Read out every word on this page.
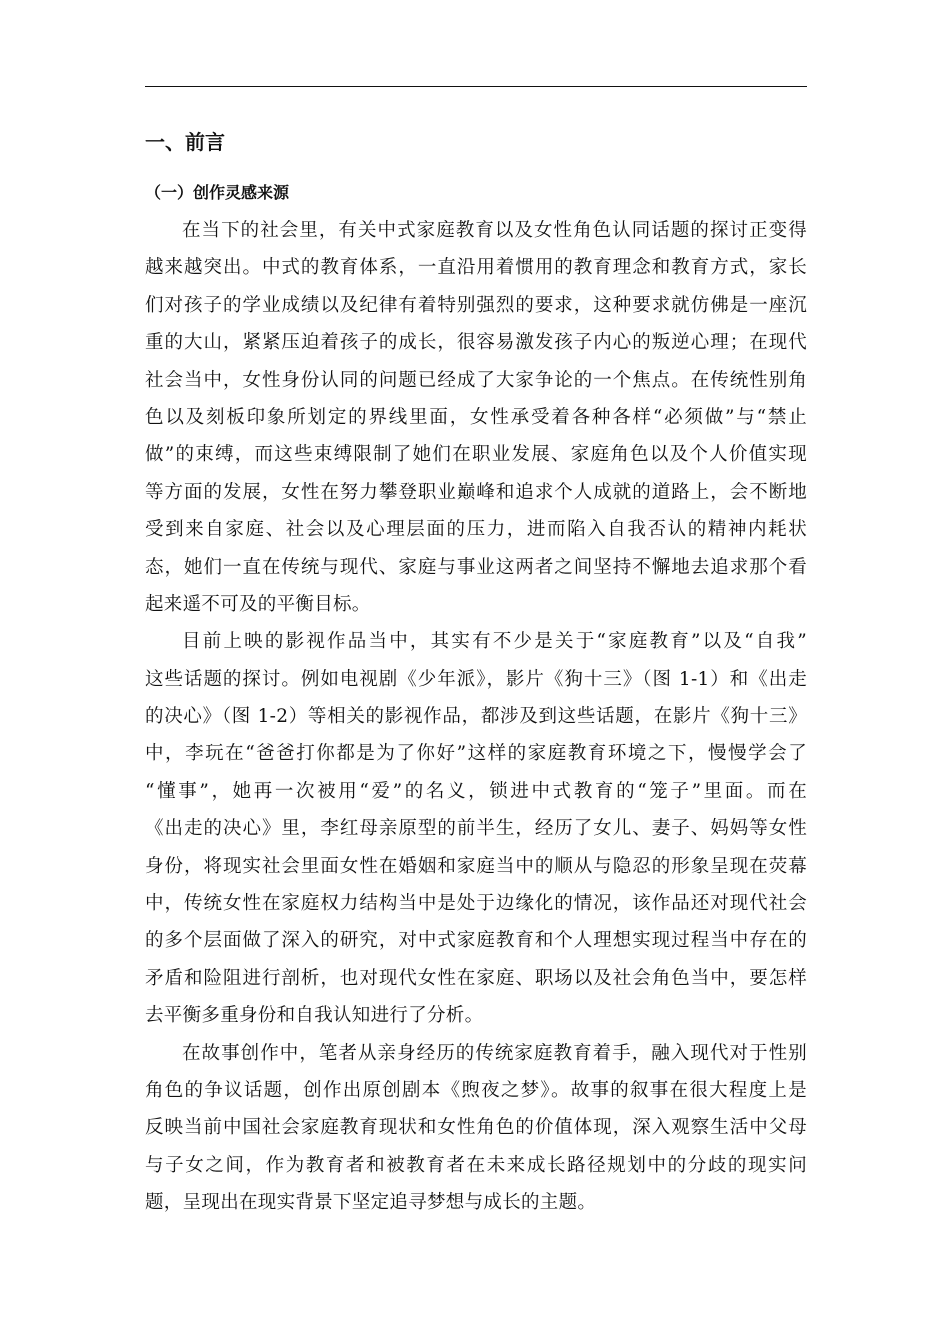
一、前言
（一）创作灵感来源
在当下的社会里，有关中式家庭教育以及女性角色认同话题的探讨正变得
越来越突出。中式的教育体系，一直沿用着惯用的教育理念和教育方式，家长
们对孩子的学业成绩以及纪律有着特别强烈的要求，这种要求就仿佛是一座沉
重的大山，紧紧压迫着孩子的成长，很容易激发孩子内心的叛逆心理；在现代
社会当中，女性身份认同的问题已经成了大家争论的一个焦点。在传统性别角
色以及刻板印象所划定的界线里面，女性承受着各种各样“必须做”与“禁止
做”的束缚，而这些束缚限制了她们在职业发展、家庭角色以及个人价值实现
等方面的发展，女性在努力攀登职业巅峰和追求个人成就的道路上，会不断地
受到来自家庭、社会以及心理层面的压力，进而陷入自我否认的精神内耗状
态，她们一直在传统与现代、家庭与事业这两者之间坚持不懈地去追求那个看
起来遥不可及的平衡目标。
目前上映的影视作品当中，其实有不少是关于“家庭教育”以及“自我”
这些话题的探讨。例如电视剧《少年派》，影片《狗十三》（图 1-1）和《出走
的决心》（图 1-2）等相关的影视作品，都涉及到这些话题，在影片《狗十三》
中，李玩在“爸爸打你都是为了你好”这样的家庭教育环境之下，慢慢学会了
“懂事”，她再一次被用“爱”的名义，锁进中式教育的“笼子”里面。而在
《出走的决心》里，李红母亲原型的前半生，经历了女儿、妻子、妈妈等女性
身份，将现实社会里面女性在婚姻和家庭当中的顺从与隐忍的形象呈现在荧幕
中，传统女性在家庭权力结构当中是处于边缘化的情况，该作品还对现代社会
的多个层面做了深入的研究，对中式家庭教育和个人理想实现过程当中存在的
矛盾和险阻进行剖析，也对现代女性在家庭、职场以及社会角色当中，要怎样
去平衡多重身份和自我认知进行了分析。
在故事创作中，笔者从亲身经历的传统家庭教育着手，融入现代对于性别
角色的争议话题，创作出原创剧本《煦夜之梦》。故事的叙事在很大程度上是
反映当前中国社会家庭教育现状和女性角色的价值体现，深入观察生活中父母
与子女之间，作为教育者和被教育者在未来成长路径规划中的分歧的现实问
题，呈现出在现实背景下坚定追寻梦想与成长的主题。
